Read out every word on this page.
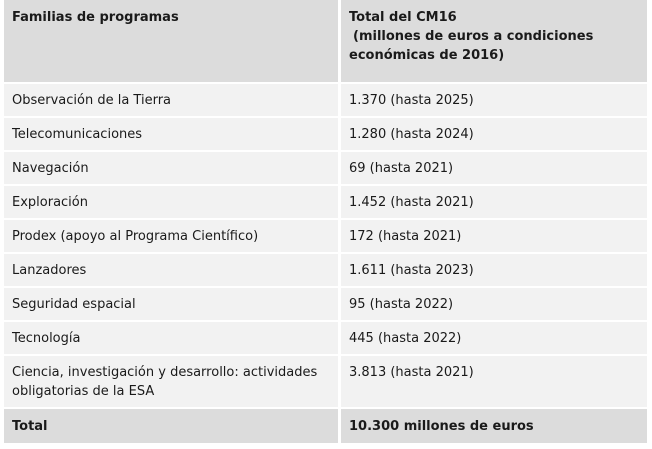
Familias de programas	Total del CM16
(millones de euros a condiciones
económicas de 2016)

Observación de la Tierra	1.370 (hasta 2025)
Telecomunicaciones	1.280 (hasta 2024)
Navegación	69 (hasta 2021)
Exploración	1.452 (hasta 2021)
Prodex (apoyo al Programa Científico)	172 (hasta 2021)
Lanzadores	1.611 (hasta 2023)
Seguridad espacial	95 (hasta 2022)
Tecnología	445 (hasta 2022)
Ciencia, investigación y desarrollo: actividades obligatorias de la ESA	3.813 (hasta 2021)
Total	10.300 millones de euros
